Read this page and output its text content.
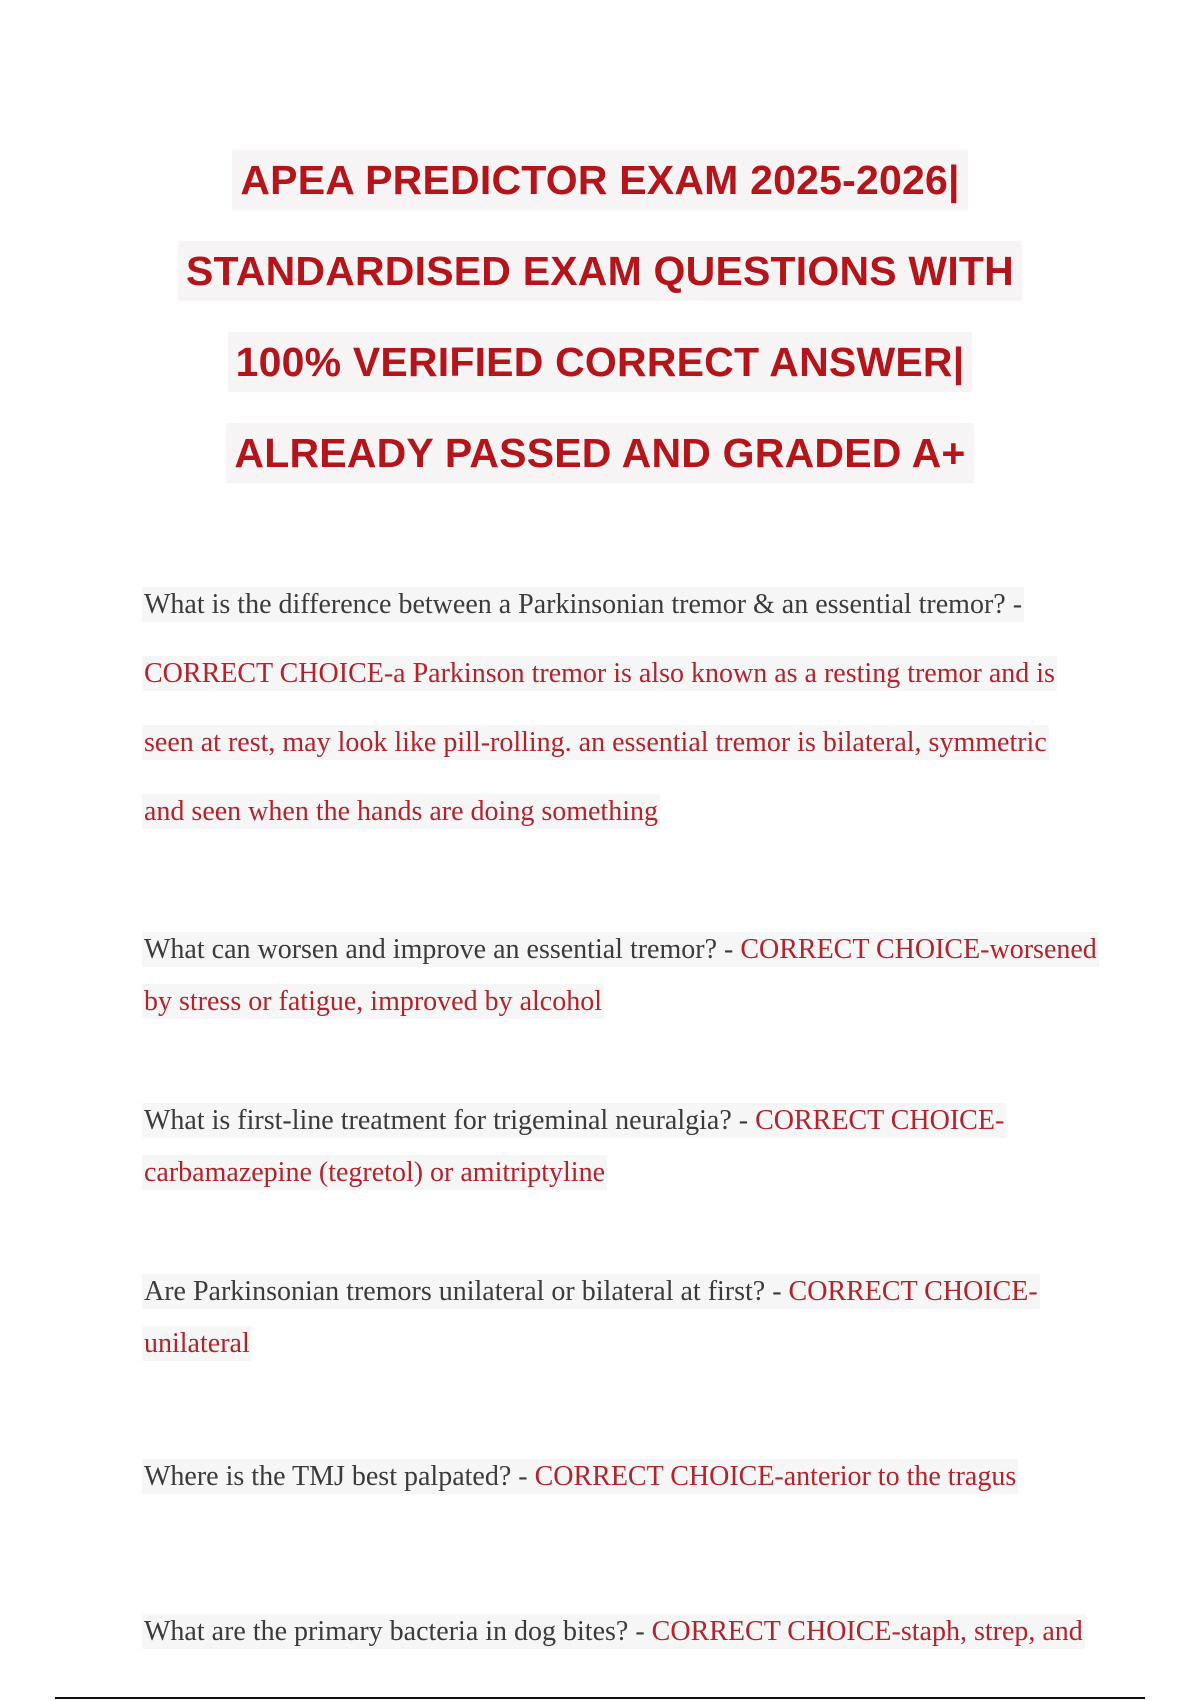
APEA PREDICTOR EXAM 2025-2026|
STANDARDISED EXAM QUESTIONS WITH
100% VERIFIED CORRECT ANSWER|
ALREADY PASSED AND GRADED A+
What is the difference between a Parkinsonian tremor & an essential tremor? -
CORRECT CHOICE-a Parkinson tremor is also known as a resting tremor and is
seen at rest, may look like pill-rolling. an essential tremor is bilateral, symmetric
and seen when the hands are doing something
What can worsen and improve an essential tremor? - CORRECT CHOICE-worsened
by stress or fatigue, improved by alcohol
What is first-line treatment for trigeminal neuralgia? - CORRECT CHOICE-
carbamazepine (tegretol) or amitriptyline
Are Parkinsonian tremors unilateral or bilateral at first? - CORRECT CHOICE-
unilateral
Where is the TMJ best palpated? - CORRECT CHOICE-anterior to the tragus
What are the primary bacteria in dog bites? - CORRECT CHOICE-staph, strep, and
